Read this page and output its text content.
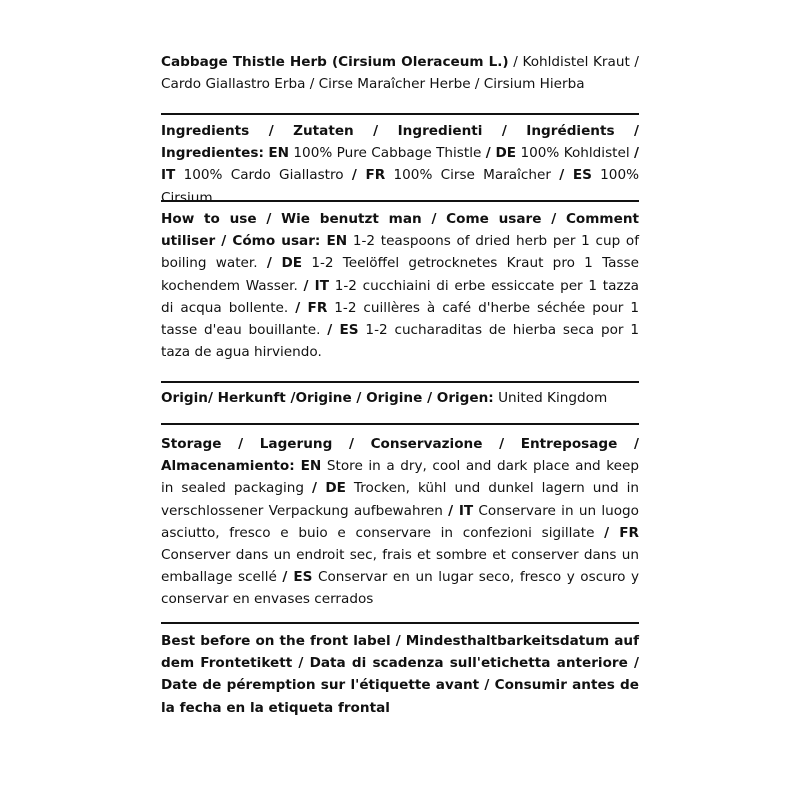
Cabbage Thistle Herb (Cirsium Oleraceum L.) / Kohldistel Kraut / Cardo Giallastro Erba / Cirse Maraîcher Herbe / Cirsium Hierba

Ingredients / Zutaten / Ingredienti / Ingrédients / Ingredientes: EN 100% Pure Cabbage Thistle / DE 100% Kohldistel / IT 100% Cardo Giallastro / FR 100% Cirse Maraîcher / ES 100% Cirsium

How to use / Wie benutzt man / Come usare / Comment utiliser / Cómo usar: EN 1-2 teaspoons of dried herb per 1 cup of boiling water. / DE 1-2 Teelöffel getrocknetes Kraut pro 1 Tasse kochendem Wasser. / IT 1-2 cucchiaini di erbe essiccate per 1 tazza di acqua bollente. / FR 1-2 cuillères à café d'herbe séchée pour 1 tasse d'eau bouillante. / ES 1-2 cucharaditas de hierba seca por 1 taza de agua hirviendo.

Origin/ Herkunft /Origine / Origine / Origen: United Kingdom

Storage / Lagerung / Conservazione / Entreposage / Almacenamiento: EN Store in a dry, cool and dark place and keep in sealed packaging / DE Trocken, kühl und dunkel lagern und in verschlossener Verpackung aufbewahren / IT Conservare in un luogo asciutto, fresco e buio e conservare in confezioni sigillate / FR Conserver dans un endroit sec, frais et sombre et conserver dans un emballage scellé / ES Conservar en un lugar seco, fresco y oscuro y conservar en envases cerrados

Best before on the front label / Mindesthaltbarkeitsdatum auf dem Frontetikett / Data di scadenza sull'etichetta anteriore / Date de péremption sur l'étiquette avant / Consumir antes de la fecha en la etiqueta frontal
